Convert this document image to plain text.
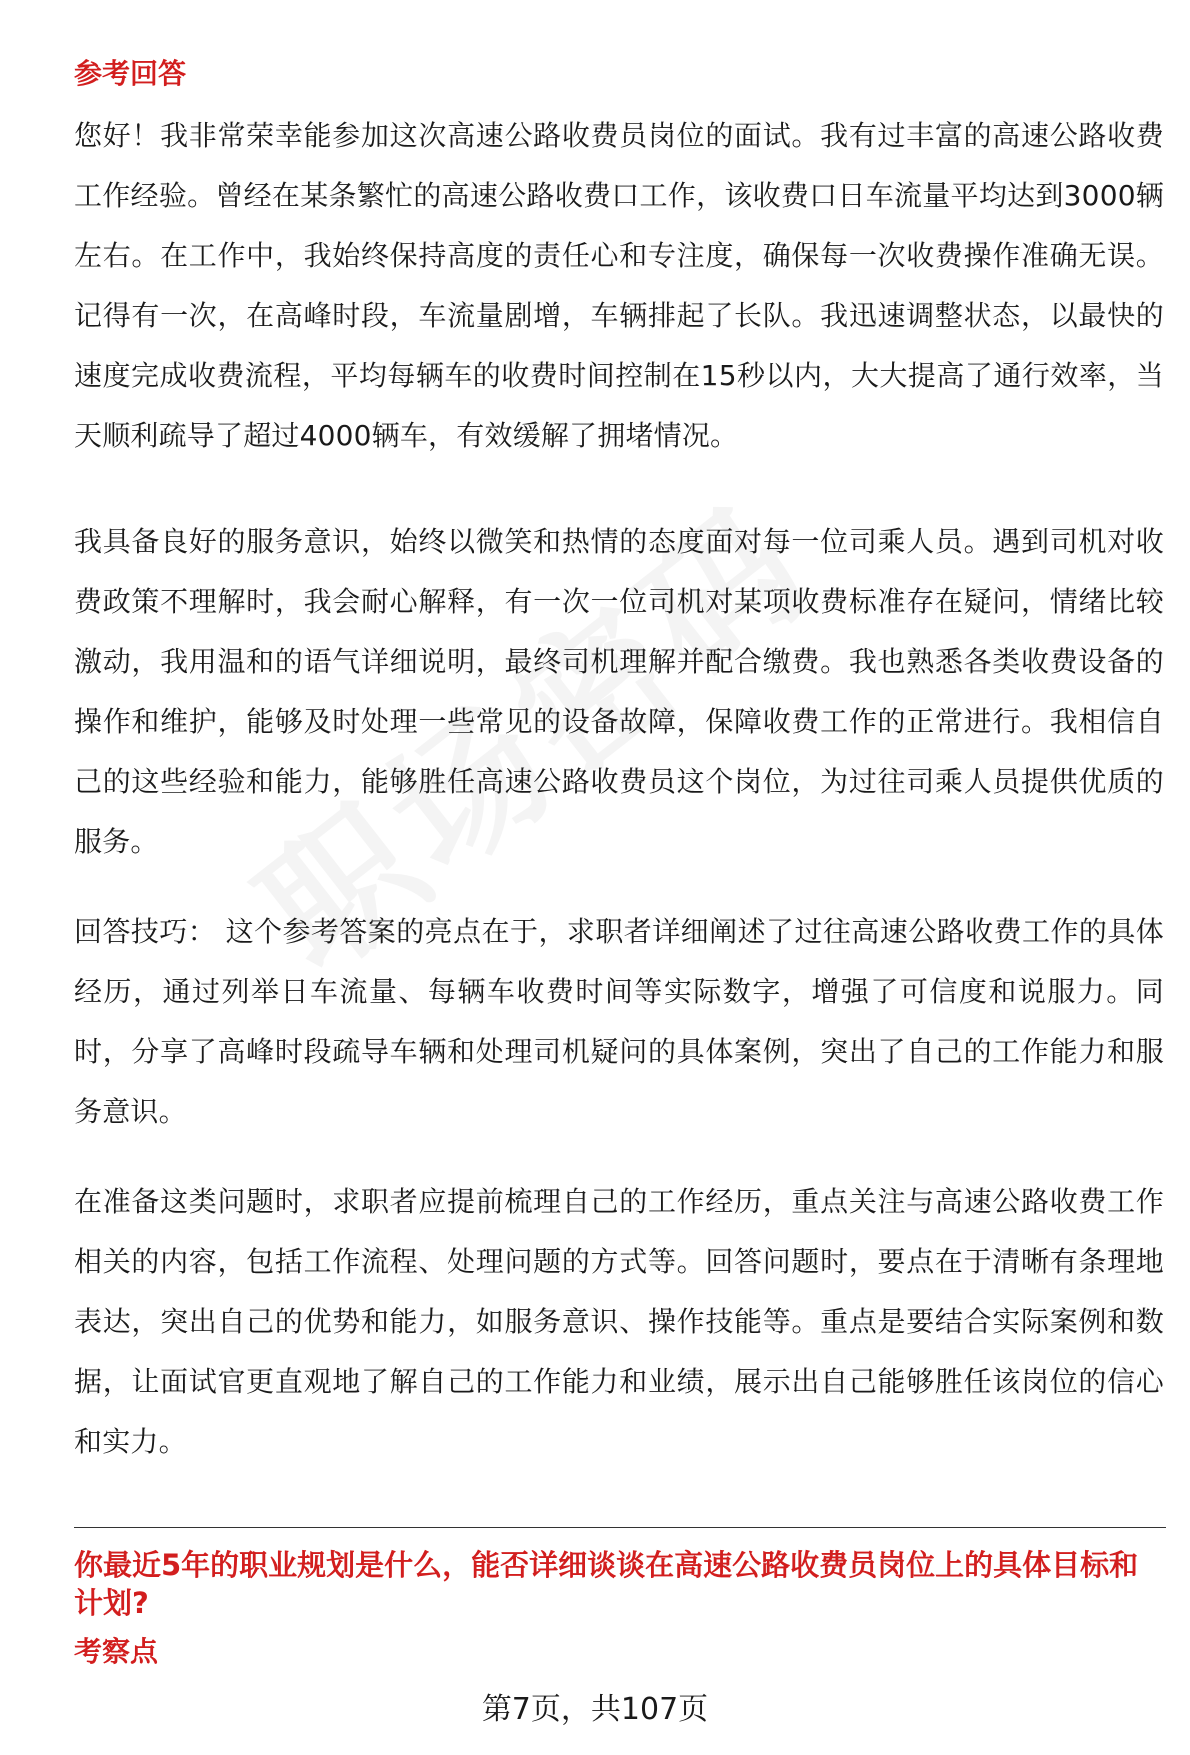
参考回答

您好！我非常荣幸能参加这次高速公路收费员岗位的面试。我有过丰富的高速公路收费工作经验。曾经在某条繁忙的高速公路收费口工作，该收费口日车流量平均达到3000辆左右。在工作中，我始终保持高度的责任心和专注度，确保每一次收费操作准确无误。记得有一次，在高峰时段，车流量剧增，车辆排起了长队。我迅速调整状态，以最快的速度完成收费流程，平均每辆车的收费时间控制在15秒以内，大大提高了通行效率，当天顺利疏导了超过4000辆车，有效缓解了拥堵情况。

我具备良好的服务意识，始终以微笑和热情的态度面对每一位司乘人员。遇到司机对收费政策不理解时，我会耐心解释，有一次一位司机对某项收费标准存在疑问，情绪比较激动，我用温和的语气详细说明，最终司机理解并配合缴费。我也熟悉各类收费设备的操作和维护，能够及时处理一些常见的设备故障，保障收费工作的正常进行。我相信自己的这些经验和能力，能够胜任高速公路收费员这个岗位，为过往司乘人员提供优质的服务。

回答技巧： 这个参考答案的亮点在于，求职者详细阐述了过往高速公路收费工作的具体经历，通过列举日车流量、每辆车收费时间等实际数字，增强了可信度和说服力。同时，分享了高峰时段疏导车辆和处理司机疑问的具体案例，突出了自己的工作能力和服务意识。

在准备这类问题时，求职者应提前梳理自己的工作经历，重点关注与高速公路收费工作相关的内容，包括工作流程、处理问题的方式等。回答问题时，要点在于清晰有条理地表达，突出自己的优势和能力，如服务意识、操作技能等。重点是要结合实际案例和数据，让面试官更直观地了解自己的工作能力和业绩，展示出自己能够胜任该岗位的信心和实力。

你最近5年的职业规划是什么，能否详细谈谈在高速公路收费员岗位上的具体目标和计划?

考察点
第7页，共107页
